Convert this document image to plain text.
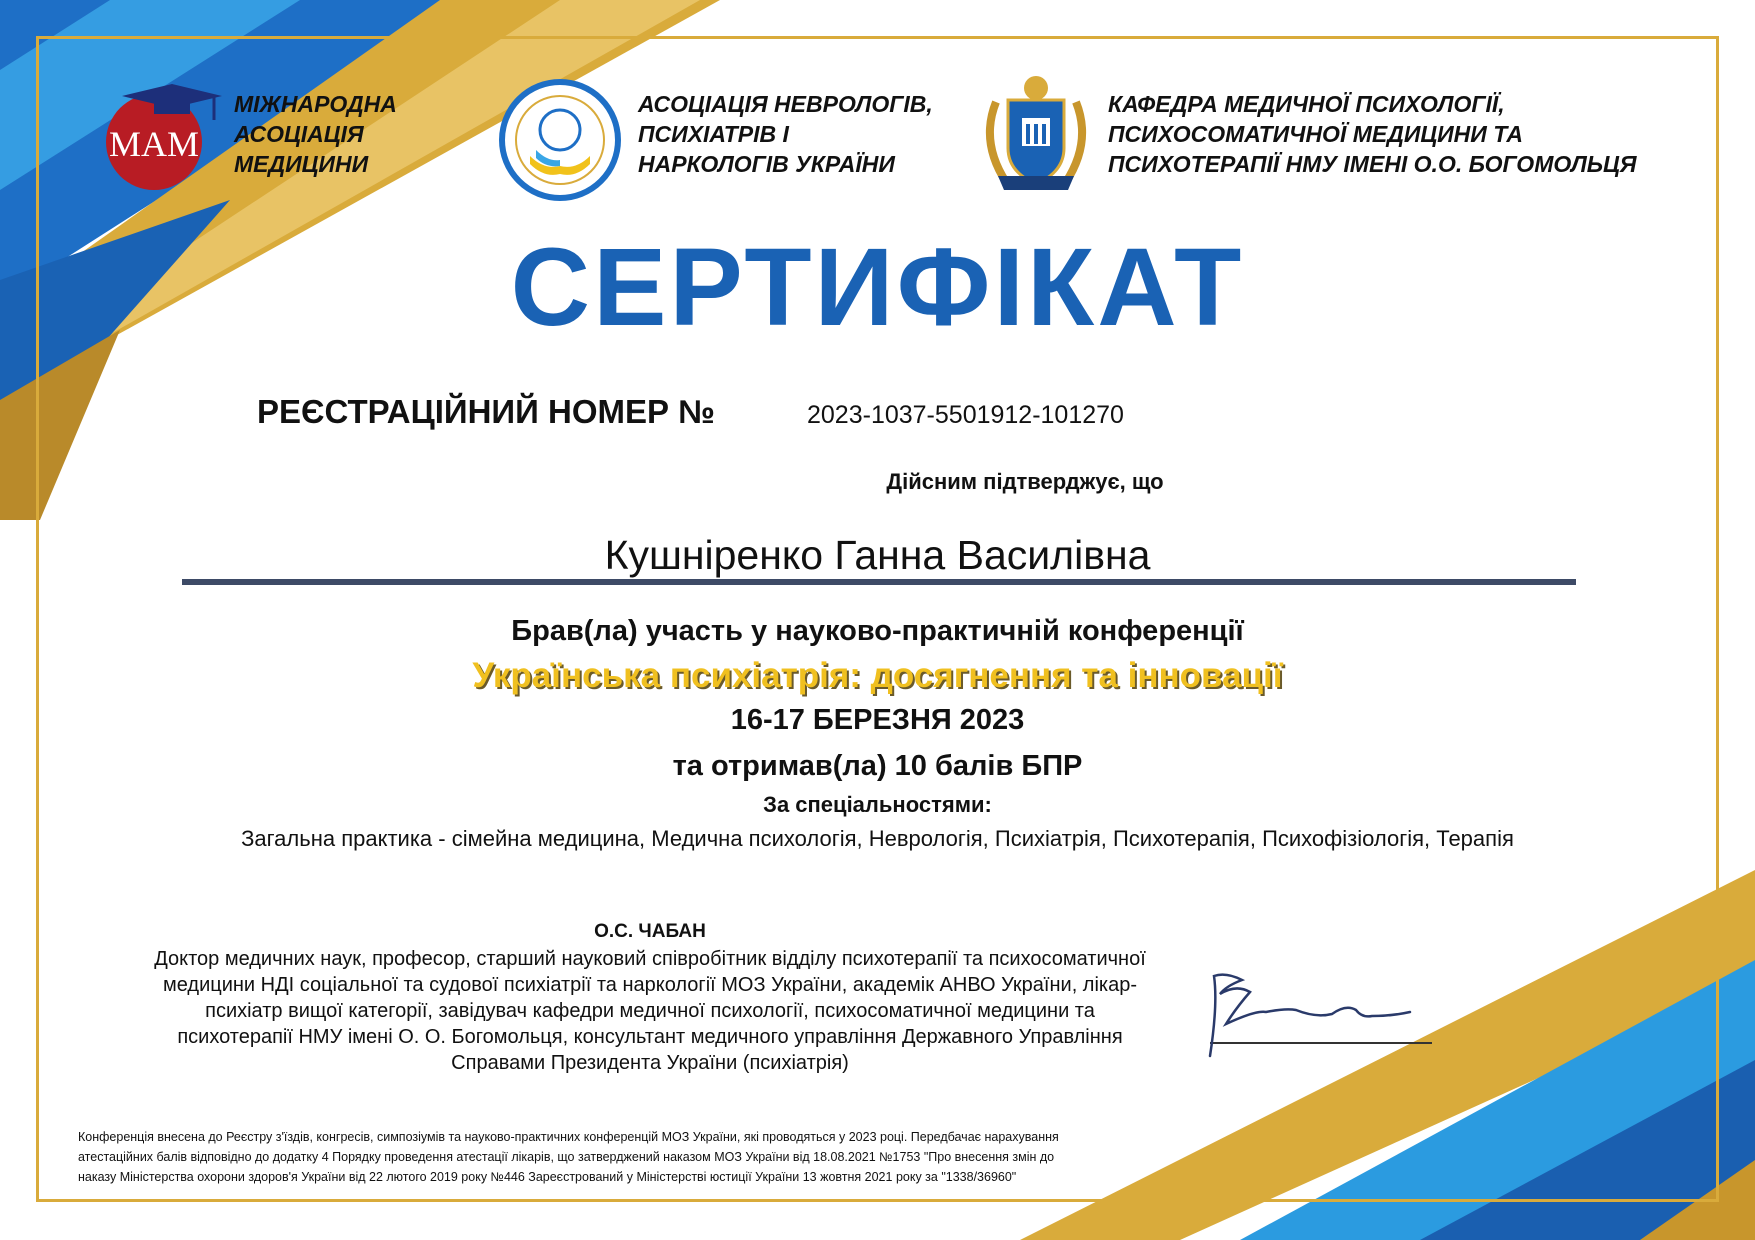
МАМ
МІЖНАРОДНА
АСОЦІАЦІЯ
МЕДИЦИНИ
АСОЦІАЦІЯ НЕВРОЛОГІВ,
ПСИХІАТРІВ І
НАРКОЛОГІВ УКРАЇНИ
КАФЕДРА МЕДИЧНОЇ ПСИХОЛОГІЇ,
ПСИХОСОМАТИЧНОЇ МЕДИЦИНИ ТА
ПСИХОТЕРАПІЇ НМУ ІМЕНІ О.О. БОГОМОЛЬЦЯ
СЕРТИФІКАТ
РЕЄСТРАЦІЙНИЙ НОМЕР №	2023-1037-5501912-101270
Дійсним підтверджує, що
Кушніренко Ганна Василівна
Брав(ла) участь у науково-практичній конференції
Українська психіатрія: досягнення та інновації
16-17 БЕРЕЗНЯ 2023
та отримав(ла) 10 балів БПР
За спеціальностями:
Загальна практика - сімейна медицина, Медична психологія, Неврологія, Психіатрія, Психотерапія, Психофізіологія, Терапія
О.С. ЧАБАН
Доктор медичних наук, професор, старший науковий співробітник відділу психотерапії та психосоматичної
медицини НДІ соціальної та судової психіатрії та наркології МОЗ України, академік АНВО України, лікар-
психіатр вищої категорії, завідувач кафедри медичної психології, психосоматичної медицини та
психотерапії НМУ імені О. О. Богомольця, консультант медичного управління Державного Управління
Справами Президента України (психіатрія)
Конференція внесена до Реєстру з'їздів, конгресів, симпозіумів та науково-практичних конференцій МОЗ України, які проводяться у 2023 році. Передбачає нарахування
атестаційних балів відповідно до додатку 4 Порядку проведення атестації лікарів, що затверджений наказом МОЗ України від 18.08.2021 №1753 "Про внесення змін до
наказу Міністерства охорони здоров'я України від 22 лютого 2019 року №446 Зареєстрований у Міністерстві юстиції України 13 жовтня 2021 року за "1338/36960"
